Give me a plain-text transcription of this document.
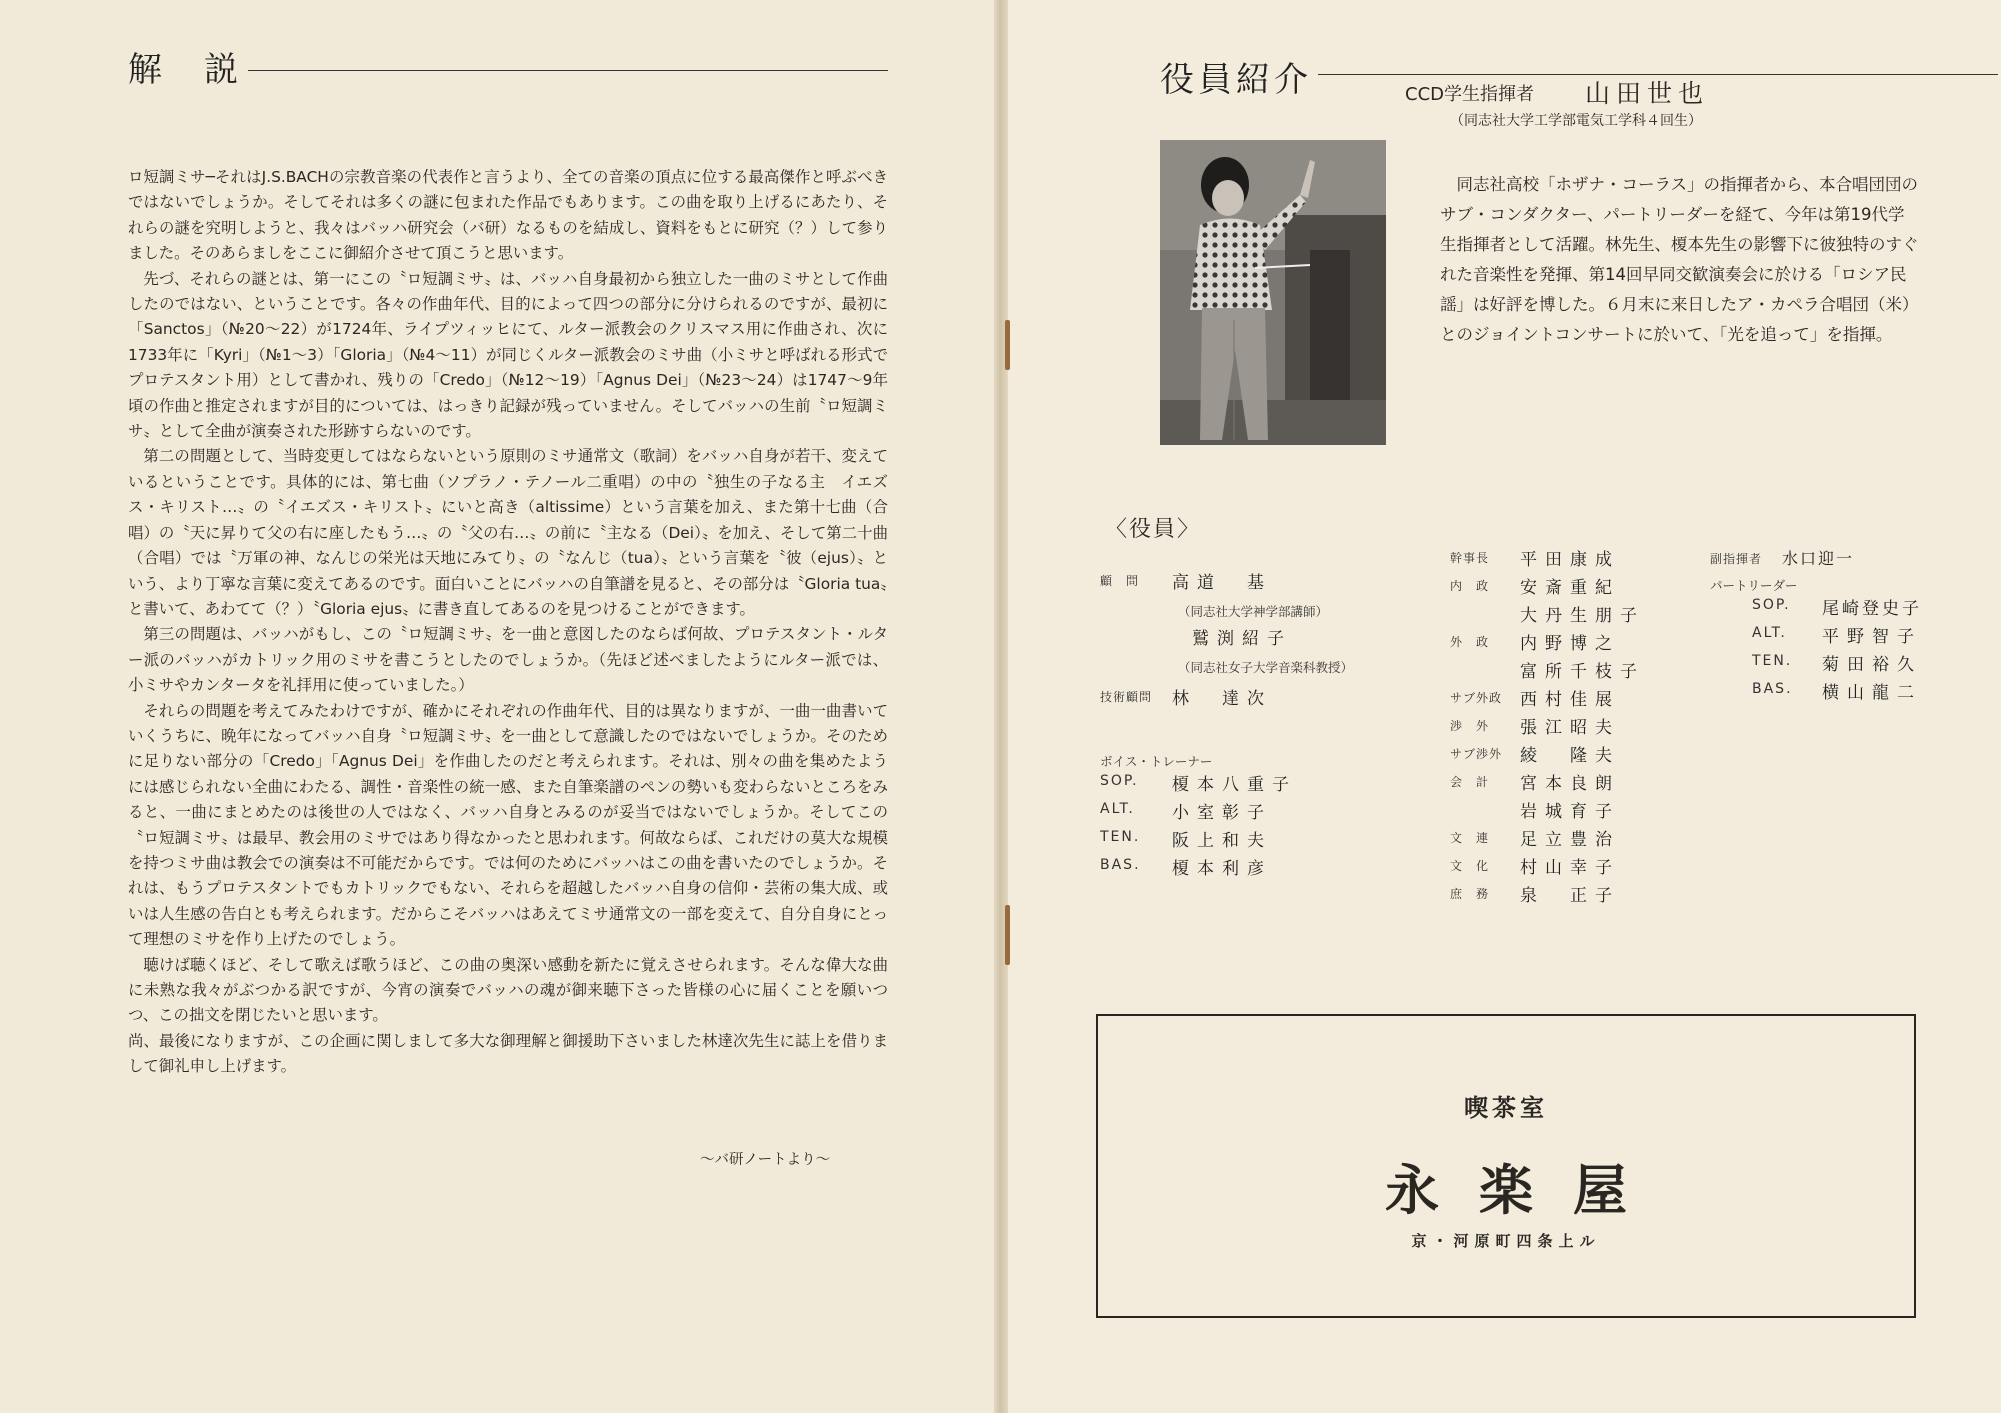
解　説

ロ短調ミサ─それはJ.S.BACHの宗教音楽の代表作と言うより、全ての音楽の頂点に位する最高傑作と呼ぶべきではないでしょうか。そしてそれは多くの謎に包まれた作品でもあります。この曲を取り上げるにあたり、それらの謎を究明しようと、我々はバッハ研究会（バ研）なるものを結成し、資料をもとに研究（？）して参りました。そのあらましをここに御紹介させて頂こうと思います。

先づ、それらの謎とは、第一にこの〝ロ短調ミサ〟は、バッハ自身最初から独立した一曲のミサとして作曲したのではない、ということです。各々の作曲年代、目的によって四つの部分に分けられるのですが、最初に「Sanctos」（№20〜22）が1724年、ライプツィッヒにて、ルター派教会のクリスマス用に作曲され、次に1733年に「Kyri」（№1〜3）「Gloria」（№4〜11）が同じくルター派教会のミサ曲（小ミサと呼ばれる形式でプロテスタント用）として書かれ、残りの「Credo」（№12〜19）「Agnus Dei」（№23〜24）は1747〜9年頃の作曲と推定されますが目的については、はっきり記録が残っていません。そしてバッハの生前〝ロ短調ミサ〟として全曲が演奏された形跡すらないのです。

第二の問題として、当時変更してはならないという原則のミサ通常文（歌詞）をバッハ自身が若干、変えているということです。具体的には、第七曲（ソプラノ・テノール二重唱）の中の〝独生の子なる主　イエズス・キリスト…〟の〝イエズス・キリスト〟にいと高き（altissime）という言葉を加え、また第十七曲（合唱）の〝天に昇りて父の右に座したもう…〟の〝父の右…〟の前に〝主なる（Dei）〟を加え、そして第二十曲（合唱）では〝万軍の神、なんじの栄光は天地にみてり〟の〝なんじ（tua）〟という言葉を〝彼（ejus）〟という、より丁寧な言葉に変えてあるのです。面白いことにバッハの自筆譜を見ると、その部分は〝Gloria tua〟と書いて、あわてて（？）〝Gloria ejus〟に書き直してあるのを見つけることができます。

第三の問題は、バッハがもし、この〝ロ短調ミサ〟を一曲と意図したのならば何故、プロテスタント・ルター派のバッハがカトリック用のミサを書こうとしたのでしょうか。（先ほど述べましたようにルター派では、小ミサやカンタータを礼拝用に使っていました。）

それらの問題を考えてみたわけですが、確かにそれぞれの作曲年代、目的は異なりますが、一曲一曲書いていくうちに、晩年になってバッハ自身〝ロ短調ミサ〟を一曲として意識したのではないでしょうか。そのために足りない部分の「Credo」「Agnus Dei」を作曲したのだと考えられます。それは、別々の曲を集めたようには感じられない全曲にわたる、調性・音楽性の統一感、また自筆楽譜のペンの勢いも変わらないところをみると、一曲にまとめたのは後世の人ではなく、バッハ自身とみるのが妥当ではないでしょうか。そしてこの〝ロ短調ミサ〟は最早、教会用のミサではあり得なかったと思われます。何故ならば、これだけの莫大な規模を持つミサ曲は教会での演奏は不可能だからです。では何のためにバッハはこの曲を書いたのでしょうか。それは、もうプロテスタントでもカトリックでもない、それらを超越したバッハ自身の信仰・芸術の集大成、或いは人生感の告白とも考えられます。だからこそバッハはあえてミサ通常文の一部を変えて、自分自身にとって理想のミサを作り上げたのでしょう。

聴けば聴くほど、そして歌えば歌うほど、この曲の奥深い感動を新たに覚えさせられます。そんな偉大な曲に未熟な我々がぶつかる訳ですが、今宵の演奏でバッハの魂が御来聴下さった皆様の心に届くことを願いつつ、この拙文を閉じたいと思います。

尚、最後になりますが、この企画に関しまして多大な御理解と御援助下さいました林達次先生に誌上を借りまして御礼申し上げます。

〜バ研ノートより〜
役員紹介	CCD学生指揮者 山田世也
（同志社大学工学部電気工学科４回生）

同志社高校「ホザナ・コーラス」の指揮者から、本合唱団団のサブ・コンダクター、パートリーダーを経て、今年は第19代学生指揮者として活躍。林先生、榎本先生の影響下に彼独特のすぐれた音楽性を発揮、第14回早同交歓演奏会に於ける「ロシア民謡」は好評を博した。６月末に来日したア・カペラ合唱団（米）とのジョイントコンサートに於いて、「光を追って」を指揮。

〈役員〉
顧　問 高道　基
（同志社大学神学部講師）
鷲渕紹子
（同志社女子大学音楽科教授）
技術顧問 林　達次
ボイス・トレーナー
SOP. 榎本八重子
ALT. 小室彰子
TEN. 阪上和夫
BAS. 榎本利彦
幹事長 平田康成
内　政 安斎重紀
大丹生朋子
外　政 内野博之
富所千枝子
サブ外政 西村佳展
渉　外 張江昭夫
サブ渉外 綾　隆夫
会　計 宮本良朗
岩城育子
文　連 足立豊治
文　化 村山幸子
庶　務 泉　正子
副指揮者 水口迎一
パートリーダー
SOP. 尾崎登史子
ALT. 平野智子
TEN. 菊田裕久
BAS. 横山龍二
喫茶室
永楽屋
京・河原町四条上ル
